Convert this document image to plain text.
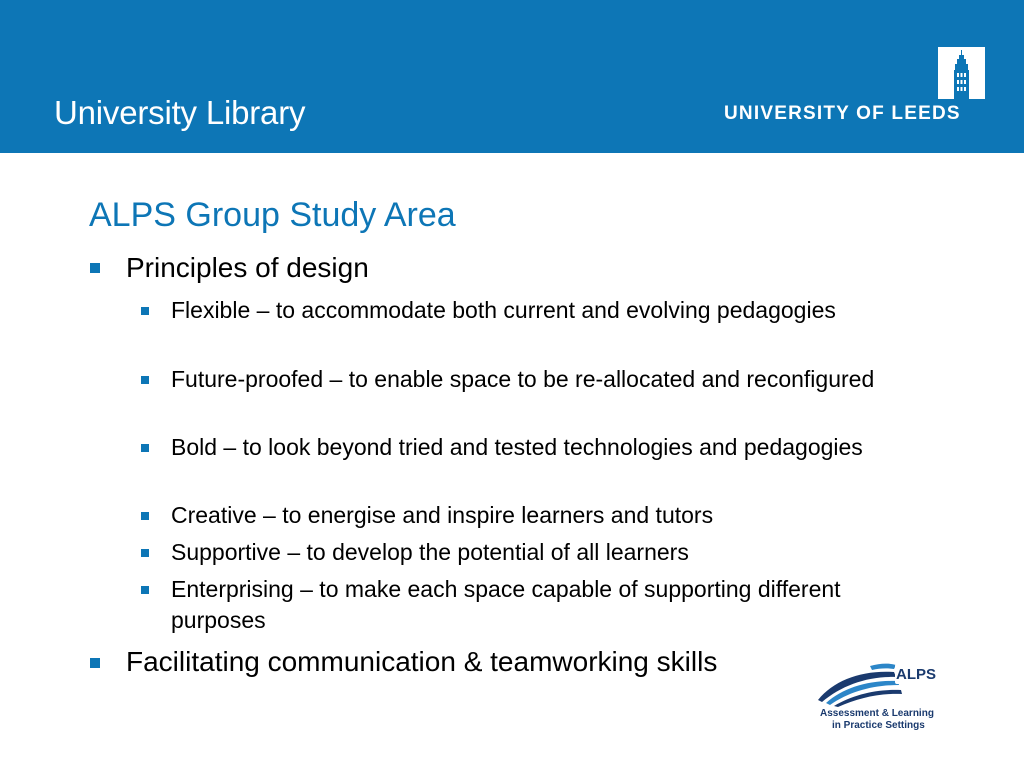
University Library	UNIVERSITY OF LEEDS
ALPS Group Study Area
Principles of design
Flexible – to accommodate both current and evolving pedagogies
Future-proofed – to enable space to be re-allocated and reconfigured
Bold – to look beyond tried and tested technologies and pedagogies
Creative – to energise and inspire learners and tutors
Supportive – to develop the potential of all learners
Enterprising – to make each space capable of supporting different purposes
Facilitating communication & teamworking skills	ALPS
Assessment & Learning
in Practice Settings
